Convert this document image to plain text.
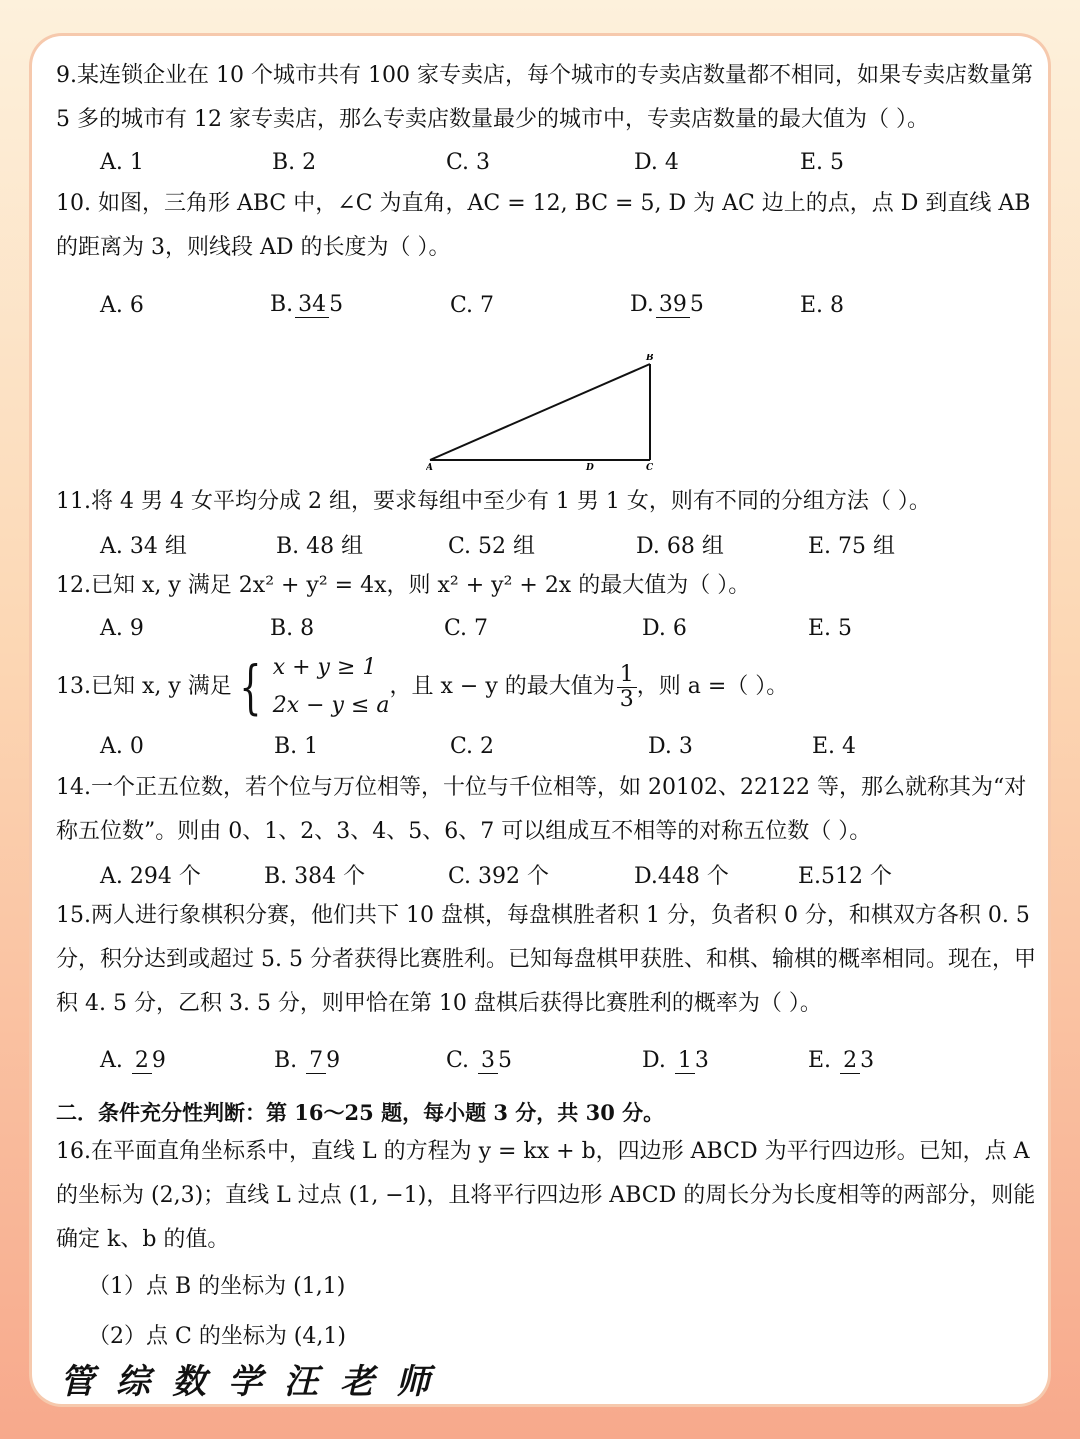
9.某连锁企业在 10 个城市共有 100 家专卖店，每个城市的专卖店数量都不相同，如果专卖店数量第 5 多的城市有 12 家专卖店，那么专卖店数量最少的城市中，专卖店数量的最大值为（ ）。

A. 1	B. 2	C. 3	D. 4	E. 5

10. 如图，三角形 ABC 中，∠C 为直角，AC = 12, BC = 5, D 为 AC 边上的点，点 D 到直线 AB 的距离为 3，则线段 AD 的长度为（ ）。

A. 6	B. 34 5	C. 7	D. 39 5	E. 8

11.将 4 男 4 女平均分成 2 组，要求每组中至少有 1 男 1 女，则有不同的分组方法（ ）。

A. 34 组	B. 48 组	C. 52 组	D. 68 组	E. 75 组

12.已知 x, y 满足 2x² + y² = 4x，则 x² + y² + 2x 的最大值为（ ）。

A. 9	B. 8	C. 7	D. 6	E. 5
13.已知 x, y 满足 { x + y ≥ 1
2x − y ≤ a
，且 x − y 的最大值为 $\frac{1}{3}$ ，则 a =（ ）。
A. 0	B. 1	C. 2	D. 3	E. 4

14.一个正五位数，若个位与万位相等，十位与千位相等，如 20102、22122 等，那么就称其为“对称五位数”。则由 0、1、2、3、4、5、6、7 可以组成互不相等的对称五位数（ ）。

A. 294 个	B. 384 个	C. 392 个	D.448 个	E.512 个

15.两人进行象棋积分赛，他们共下 10 盘棋，每盘棋胜者积 1 分，负者积 0 分，和棋双方各积 0. 5 分，积分达到或超过 5. 5 分者获得比赛胜利。已知每盘棋甲获胜、和棋、输棋的概率相同。现在，甲积 4. 5 分，乙积 3. 5 分，则甲恰在第 10 盘棋后获得比赛胜利的概率为（ ）。

A. 2 9	B. 7 9	C. 3 5	D. 1 3	E. 2 3

二．条件充分性判断：第 16～25 题，每小题 3 分，共 30 分。

16.在平面直角坐标系中，直线 L 的方程为 y = kx + b，四边形 ABCD 为平行四边形。已知，点 A 的坐标为 (2,3)；直线 L 过点 (1, −1)，且将平行四边形 ABCD 的周长分为长度相等的两部分，则能确定 k、b 的值。

（1）点 B 的坐标为 (1,1)

（2）点 C 的坐标为 (4,1)

A
B
C
D
管综数学汪老师
